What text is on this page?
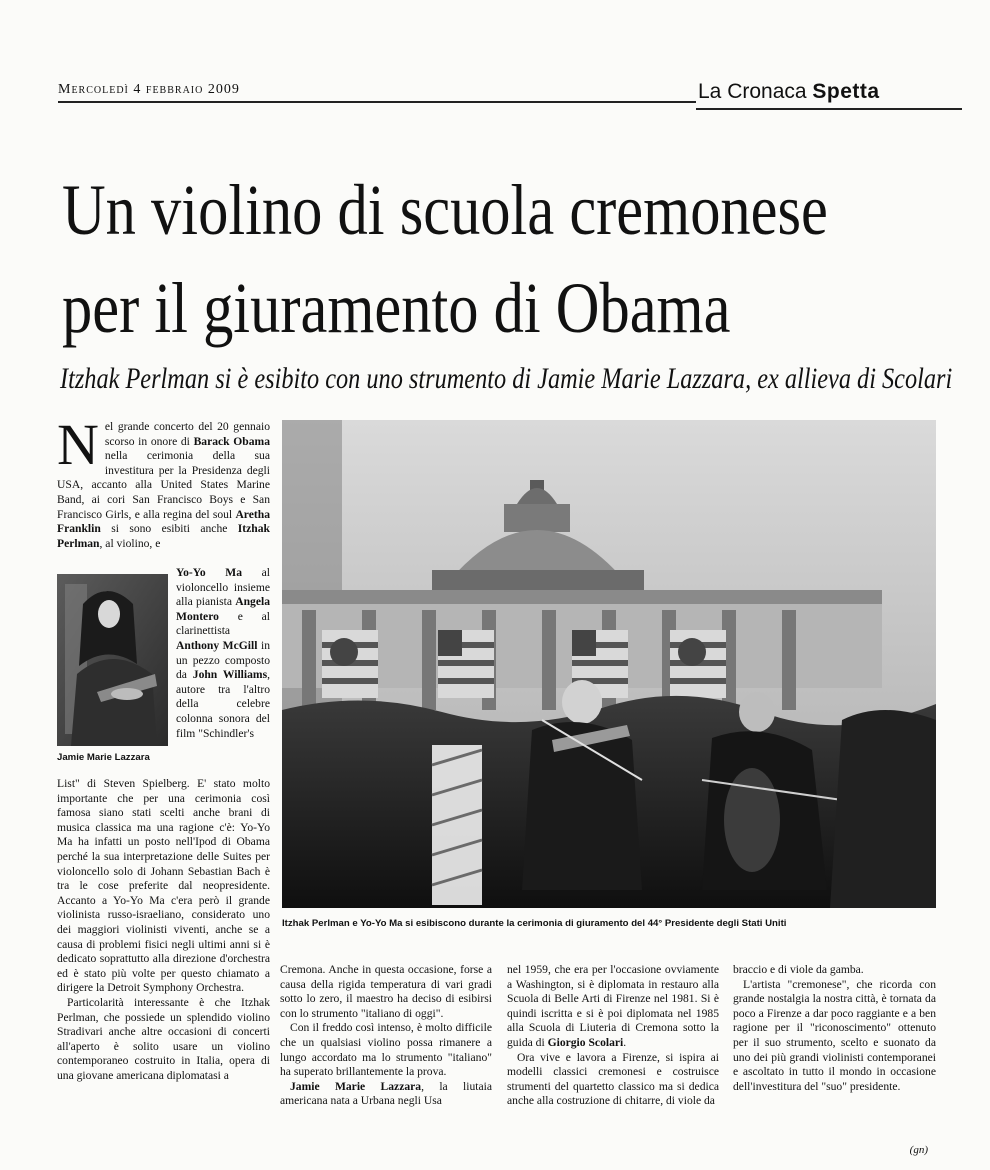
Mercoledì 4 febbraio 2009	La Cronaca Spetta
Un violino di scuola cremonese
per il giuramento di Obama
Itzhak Perlman si è esibito con uno strumento di Jamie Marie Lazzara, ex allieva di Scolari
N el grande concerto del 20 gennaio scorso in onore di Barack Obama nella cerimonia della sua investitura per la Presidenza degli USA, accanto alla United States Marine Band, ai cori San Francisco Boys e San Francisco Girls, e alla regina del soul Aretha Franklin si sono esibiti anche Itzhak Perlman, al violino, e

Jamie Marie Lazzara

Yo-Yo Ma al violoncello insieme alla pianista Angela Montero e al clarinettista Anthony McGill in un pezzo composto da John Williams, autore tra l'altro della celebre colonna sonora del film "Schindler's

List" di Steven Spielberg. E' stato molto importante che per una cerimonia così famosa siano stati scelti anche brani di musica classica ma una ragione c'è: Yo-Yo Ma ha infatti un posto nell'Ipod di Obama perché la sua interpretazione delle Suites per violoncello solo di Johann Sebastian Bach è tra le cose preferite dal neopresidente. Accanto a Yo-Yo Ma c'era però il grande violinista russo-israeliano, considerato uno dei maggiori violinisti viventi, anche se a causa di problemi fisici negli ultimi anni si è dedicato soprattutto alla direzione d'orchestra ed è stato più volte per questo chiamato a dirigere la Detroit Symphony Orchestra.

Particolarità interessante è che Itzhak Perlman, che possiede un splendido violino Stradivari anche altre occasioni di concerti all'aperto è solito usare un violino contemporaneo costruito in Italia, opera di una giovane americana diplomatasi a

Itzhak Perlman e Yo-Yo Ma si esibiscono durante la cerimonia di giuramento del 44° Presidente degli Stati Uniti

Cremona. Anche in questa occasione, forse a causa della rigida temperatura di vari gradi sotto lo zero, il maestro ha deciso di esibirsi con lo strumento "italiano di oggi".

Con il freddo così intenso, è molto difficile che un qualsiasi violino possa rimanere a lungo accordato ma lo strumento "italiano" ha superato brillantemente la prova.

Jamie Marie Lazzara, la liutaia americana nata a Urbana negli Usa

nel 1959, che era per l'occasione ovviamente a Washington, si è diplomata in restauro alla Scuola di Belle Arti di Firenze nel 1981. Si è quindi iscritta e si è poi diplomata nel 1985 alla Scuola di Liuteria di Cremona sotto la guida di Giorgio Scolari.

Ora vive e lavora a Firenze, si ispira ai modelli classici cremonesi e costruisce strumenti del quartetto classico ma si dedica anche alla costruzione di chitarre, di viole da

braccio e di viole da gamba.

L'artista "cremonese", che ricorda con grande nostalgia la nostra città, è tornata da poco a Firenze a dar poco raggiante e a ben ragione per il "riconoscimento" ottenuto per il suo strumento, scelto e suonato da uno dei più grandi violinisti contemporanei e ascoltato in tutto il mondo in occasione dell'investitura del "suo" presidente.

(gn)
